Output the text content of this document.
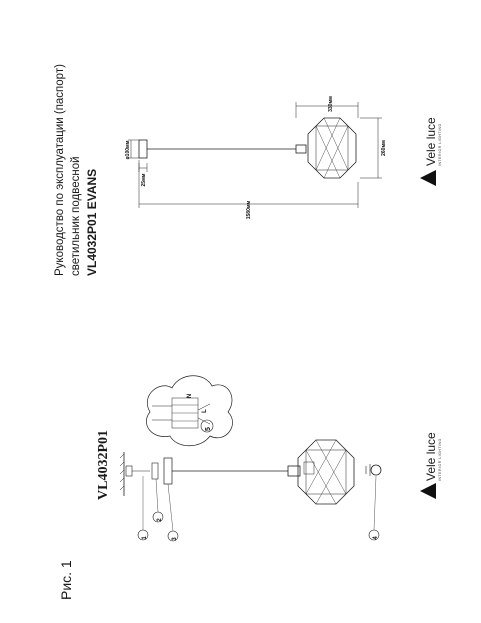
330мм
ø100мм
25мм
1580мм
260мм
1
2
3	4
5
N
L
Руководство по эксплуатации (паспорт) светильник подвесной VL4032P01 EVANS
Рис. 1
VL4032P01
Vele luce INTERIOR LIGHTING
Vele luce INTERIOR LIGHTING
